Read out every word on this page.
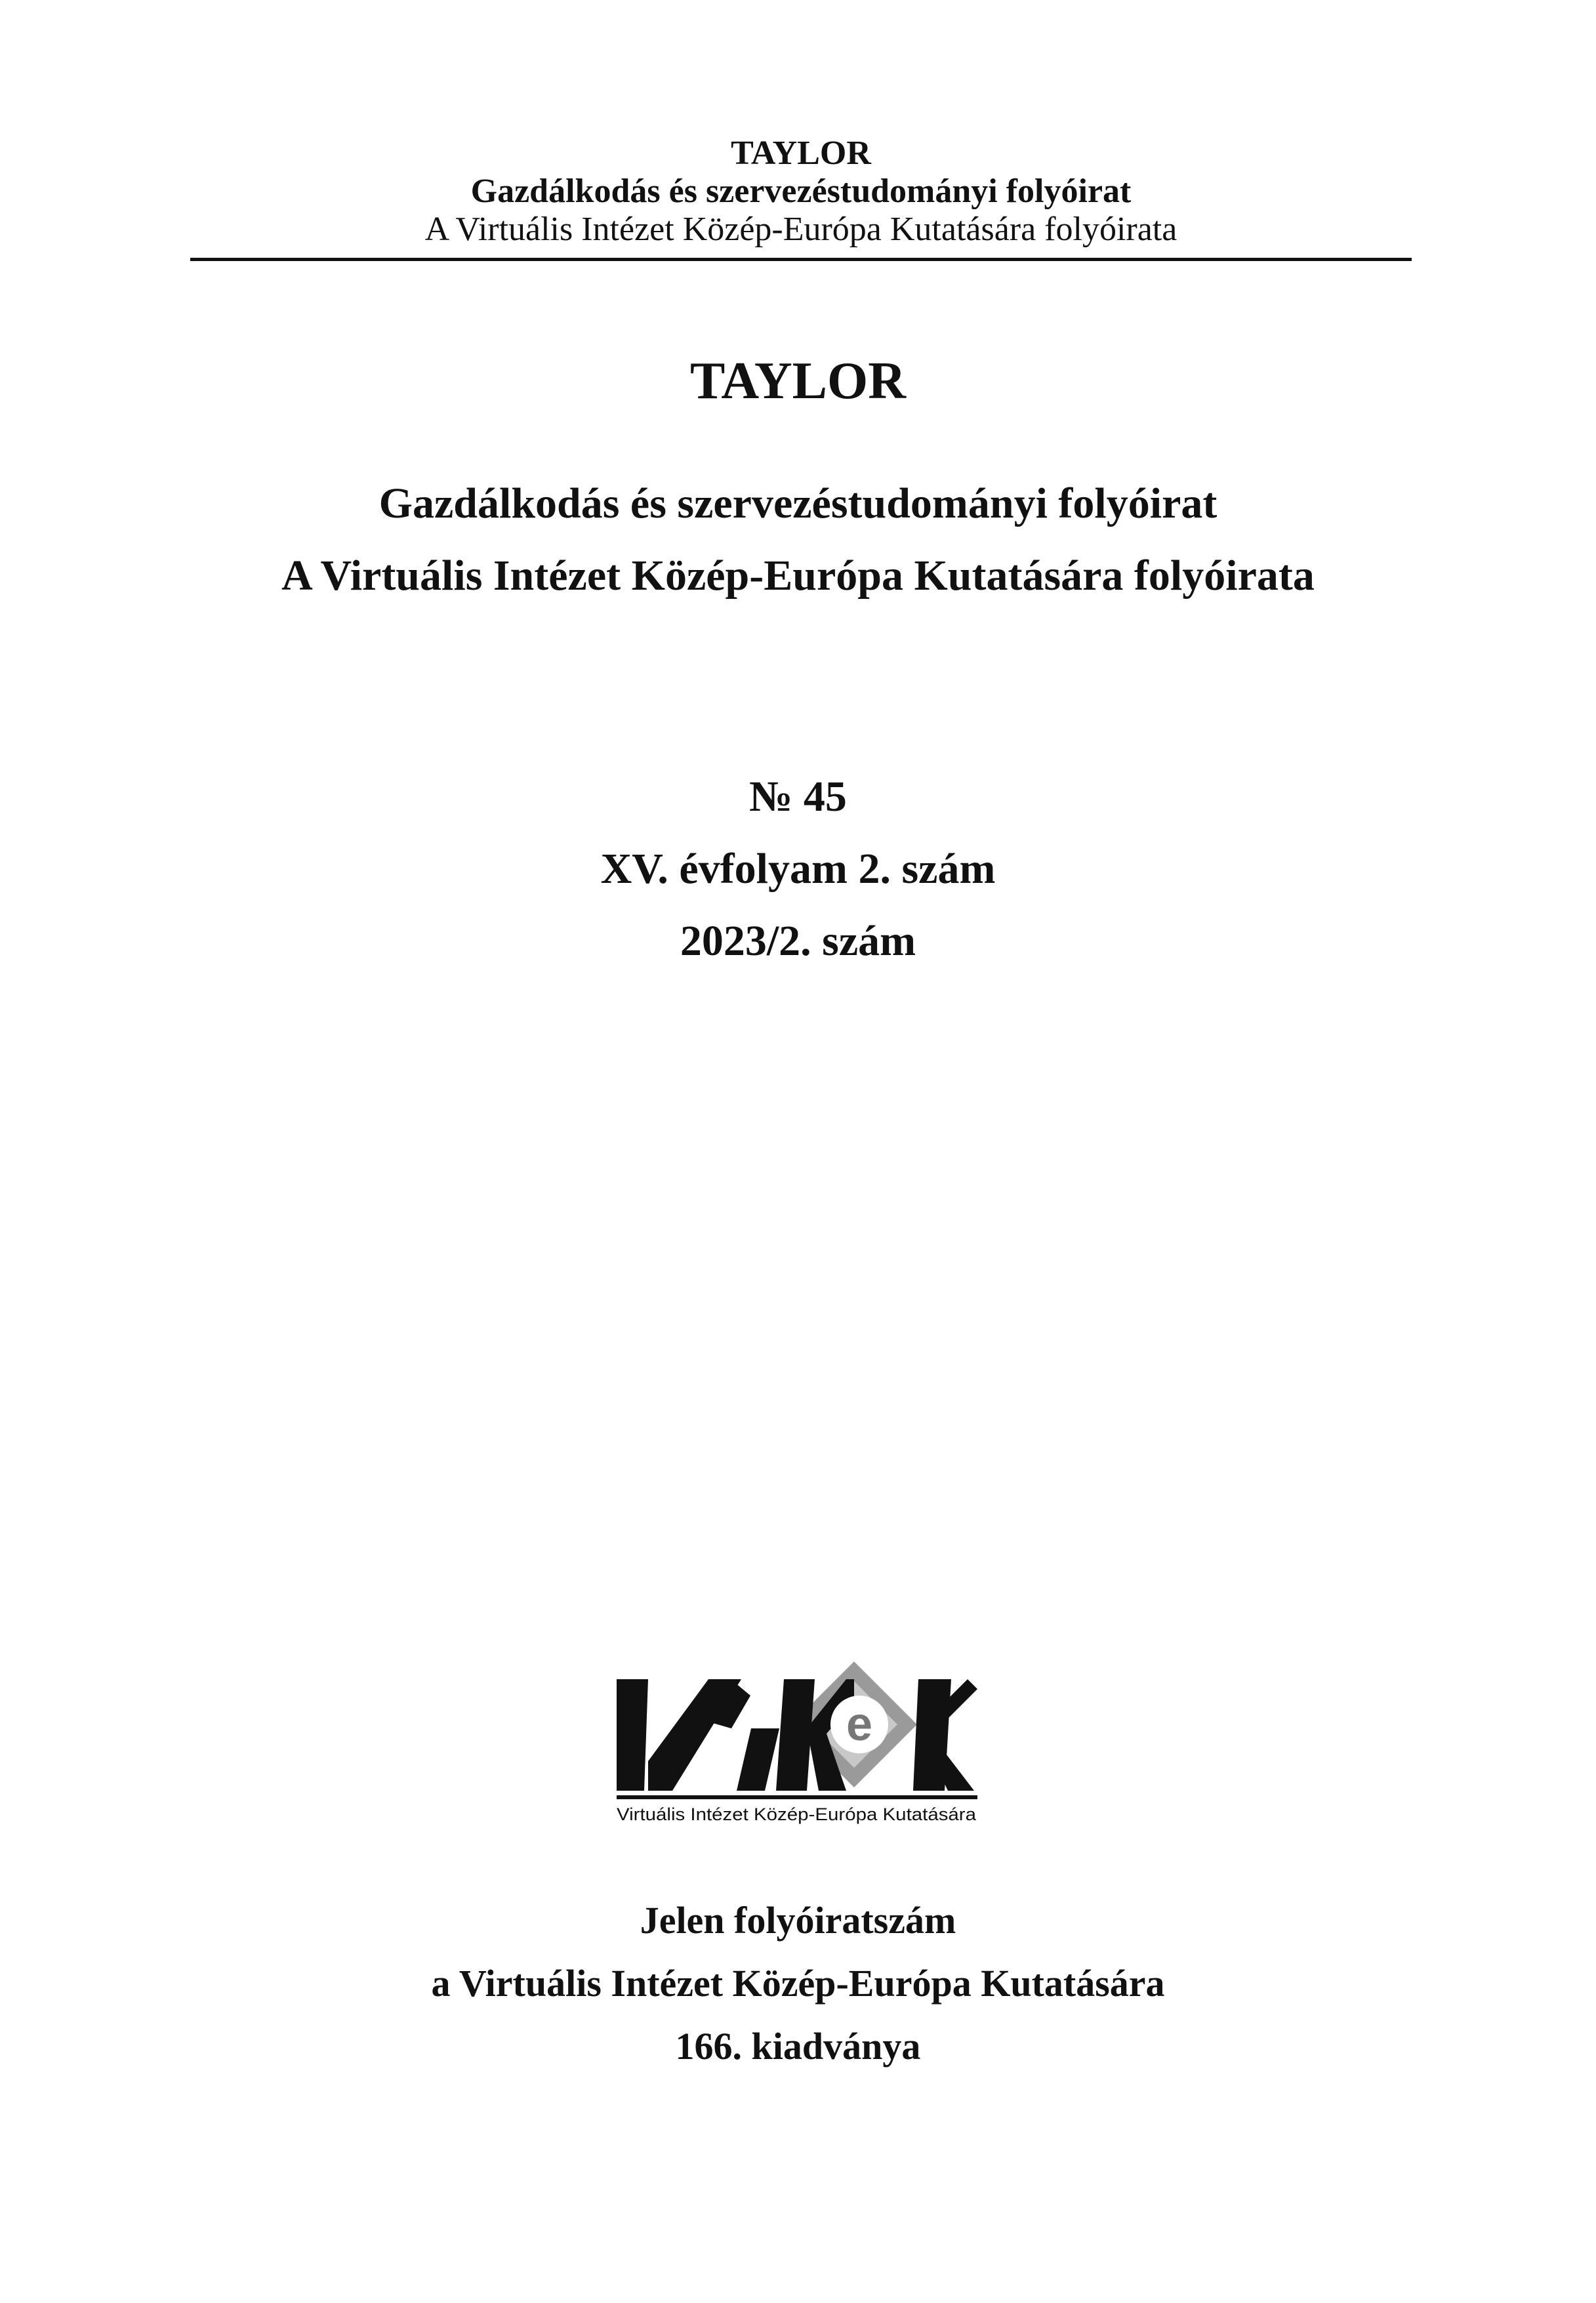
TAYLOR
Gazdálkodás és szervezéstudományi folyóirat
A Virtuális Intézet Közép-Európa Kutatására folyóirata
TAYLOR
Gazdálkodás és szervezéstudományi folyóirat
A Virtuális Intézet Közép-Európa Kutatására folyóirata
№ 45
XV. évfolyam 2. szám
2023/2. szám
e
Virtuális Intézet Közép-Európa Kutatására
Jelen folyóiratszám
a Virtuális Intézet Közép-Európa Kutatására
166. kiadványa
